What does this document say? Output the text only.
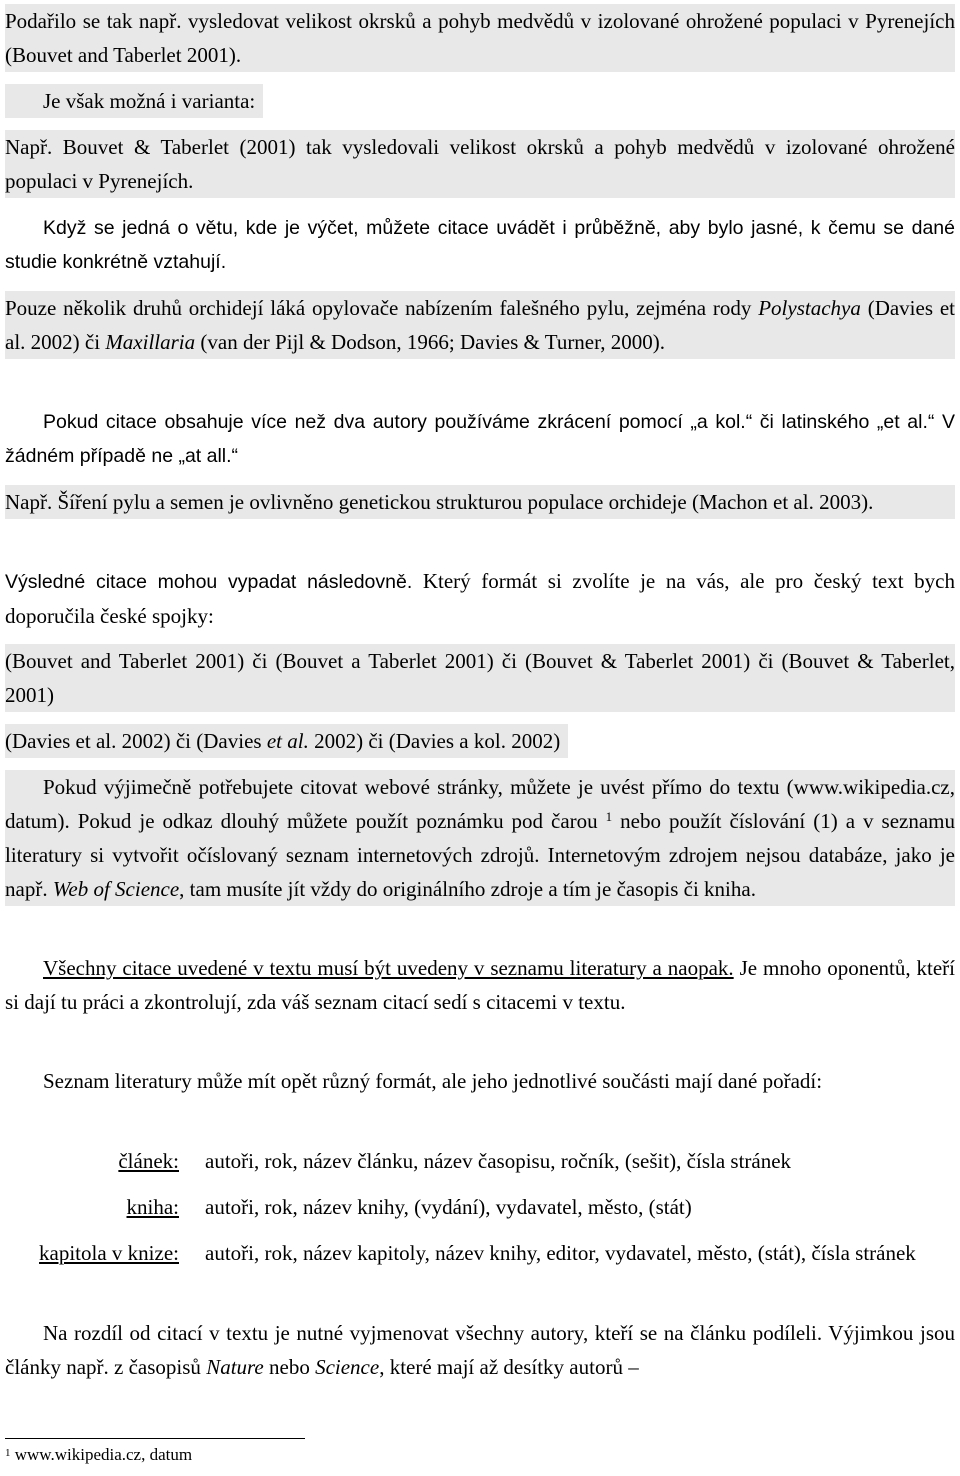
Podařilo se tak např. vysledovat velikost okrsků a pohyb medvědů v izolované ohrožené populaci v Pyrenejích (Bouvet and Taberlet 2001).

Je však možná i varianta:

Např. Bouvet & Taberlet (2001) tak vysledovali velikost okrsků a pohyb medvědů v izolované ohrožené populaci v Pyrenejích.

Když se jedná o větu, kde je výčet, můžete citace uvádět i průběžně, aby bylo jasné, k čemu se dané studie konkrétně vztahují.

Pouze několik druhů orchidejí láká opylovače nabízením falešného pylu, zejména rody Polystachya (Davies et al. 2002) či Maxillaria (van der Pijl & Dodson, 1966; Davies & Turner, 2000).

Pokud citace obsahuje více než dva autory používáme zkrácení pomocí „a kol.“ či latinského „et al.“ V žádném případě ne „at all.“

Např. Šíření pylu a semen je ovlivněno genetickou strukturou populace orchideje (Machon et al. 2003).

Výsledné citace mohou vypadat následovně. Který formát si zvolíte je na vás, ale pro český text bych doporučila české spojky:

(Bouvet and Taberlet 2001) či (Bouvet a Taberlet 2001) či (Bouvet & Taberlet 2001) či (Bouvet & Taberlet, 2001)

(Davies et al. 2002) či (Davies et al. 2002) či (Davies a kol. 2002)

Pokud výjimečně potřebujete citovat webové stránky, můžete je uvést přímo do textu (www.wikipedia.cz, datum). Pokud je odkaz dlouhý můžete použít poznámku pod čarou $^1$ nebo použít číslování (1) a v seznamu literatury si vytvořit očíslovaný seznam internetových zdrojů. Internetovým zdrojem nejsou databáze, jako je např. Web of Science, tam musíte jít vždy do originálního zdroje a tím je časopis či kniha.

Všechny citace uvedené v textu musí být uvedeny v seznamu literatury a naopak. Je mnoho oponentů, kteří si dají tu práci a zkontrolují, zda váš seznam citací sedí s citacemi v textu.

Seznam literatury může mít opět různý formát, ale jeho jednotlivé součásti mají dané pořadí:

článek: autoři, rok, název článku, název časopisu, ročník, (sešit), čísla stránek
kniha: autoři, rok, název knihy, (vydání), vydavatel, město, (stát)
kapitola v knize: autoři, rok, název kapitoly, název knihy, editor, vydavatel, město, (stát), čísla stránek

Na rozdíl od citací v textu je nutné vyjmenovat všechny autory, kteří se na článku podíleli. Výjimkou jsou články např. z časopisů Nature nebo Science, které mají až desítky autorů –

$^1$ www.wikipedia.cz, datum
